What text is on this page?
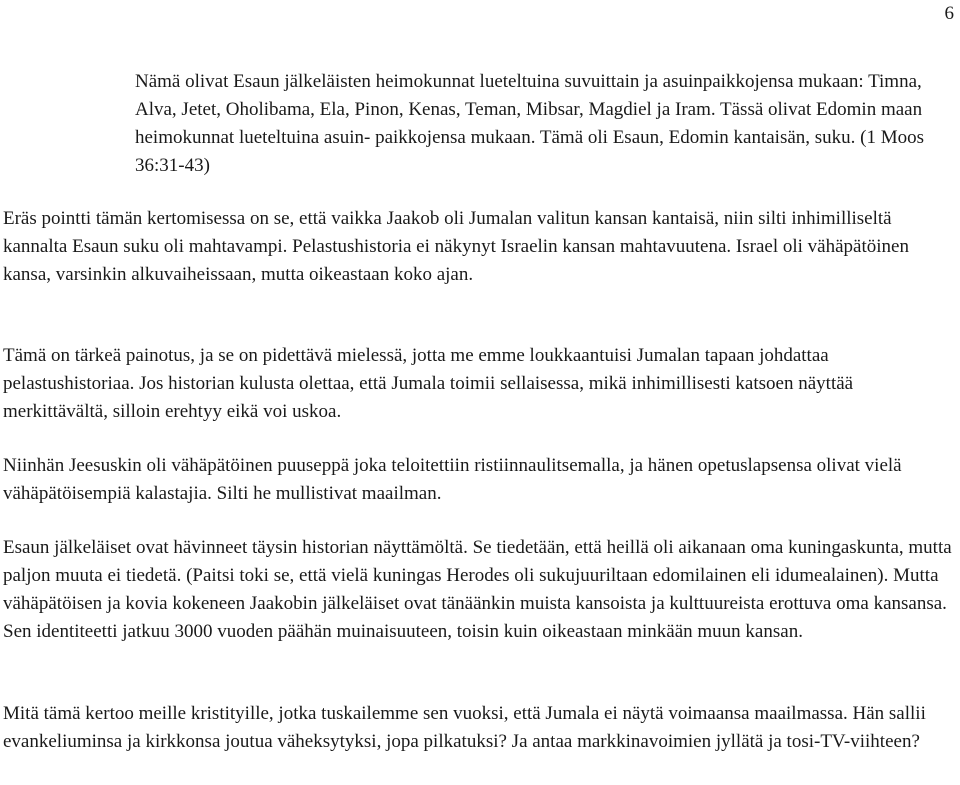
6

Nämä olivat Esaun jälkeläisten heimokunnat lueteltuina suvuittain ja asuinpaikkojensa mukaan: Timna, Alva, Jetet, Oholibama, Ela, Pinon, Kenas, Teman, Mibsar, Magdiel ja Iram. Tässä olivat Edomin maan heimokunnat lueteltuina asuin- paikkojensa mukaan. Tämä oli Esaun, Edomin kantaisän, suku. (1 Moos 36:31-43)

Eräs pointti tämän kertomisessa on se, että vaikka Jaakob oli Jumalan valitun kansan kantaisä, niin silti inhimilliseltä kannalta Esaun suku oli mahtavampi. Pelastushistoria ei näkynyt Israelin kansan mahtavuutena. Israel oli vähäpätöinen kansa, varsinkin alkuvaiheissaan, mutta oikeastaan koko ajan.

Tämä on tärkeä painotus, ja se on pidettävä mielessä, jotta me emme loukkaantuisi Jumalan tapaan johdattaa pelastushistoriaa. Jos historian kulusta olettaa, että Jumala toimii sellaisessa, mikä inhimillisesti katsoen näyttää merkittävältä, silloin erehtyy eikä voi uskoa.

Niinhän Jeesuskin oli vähäpätöinen puuseppä joka teloitettiin ristiinnaulitsemalla, ja hänen opetuslapsensa olivat vielä vähäpätöisempiä kalastajia. Silti he mullistivat maailman.

Esaun jälkeläiset ovat hävinneet täysin historian näyttämöltä. Se tiedetään, että heillä oli aikanaan oma kuningaskunta, mutta paljon muuta ei tiedetä. (Paitsi toki se, että vielä kuningas Herodes oli sukujuuriltaan edomilainen eli idumealainen). Mutta vähäpätöisen ja kovia kokeneen Jaakobin jälkeläiset ovat tänäänkin muista kansoista ja kulttuureista erottuva oma kansansa. Sen identiteetti jatkuu 3000 vuoden päähän muinaisuuteen, toisin kuin oikeastaan minkään muun kansan.

Mitä tämä kertoo meille kristityille, jotka tuskailemme sen vuoksi, että Jumala ei näytä voimaansa maailmassa. Hän sallii evankeliuminsa ja kirkkonsa joutua väheksytyksi, jopa pilkatuksi? Ja antaa markkinavoimien jyllätä ja tosi-TV-viihteen?
